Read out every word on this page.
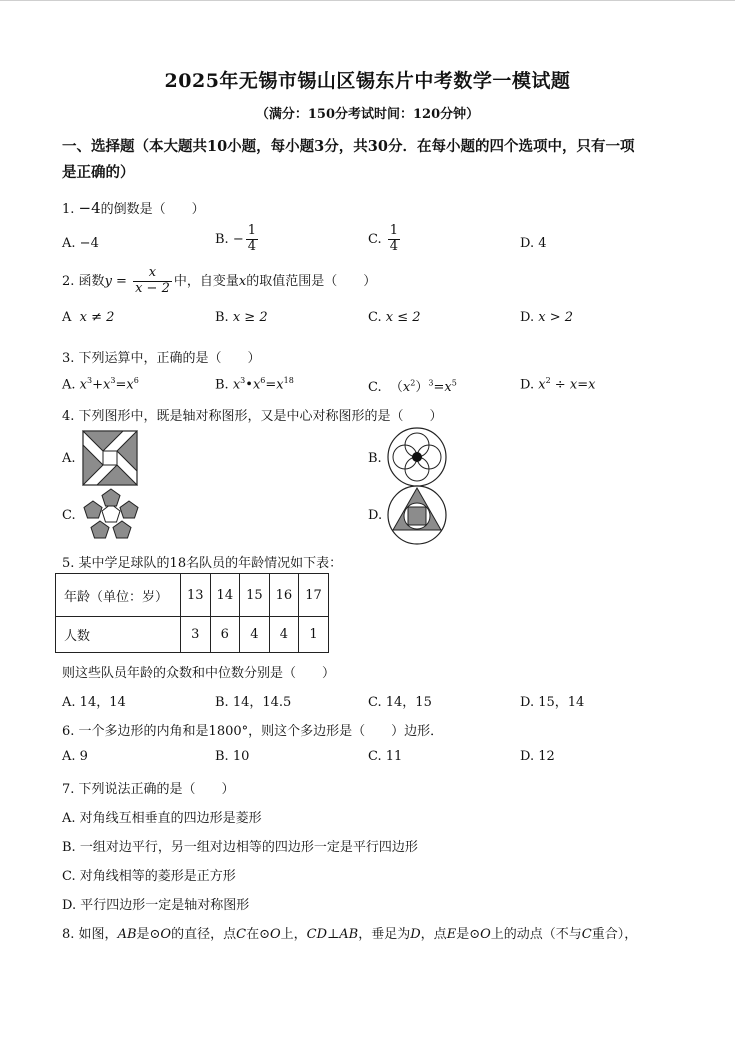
2025年无锡市锡山区锡东片中考数学一模试题
（满分：150分考试时间：120分钟）
一、选择题（本大题共10小题，每小题3分，共30分．在每小题的四个选项中，只有一项
是正确的）
1. −4的倒数是（　　）
A. −4	B. − $\frac{1}{4}$	C. $\frac{1}{4}$	D. 4
2. 函数$y = \frac{x}{x - 2}$ 中，自变量x的取值范围是（　　）
A x ≠ 2	B. x ≥ 2	C. x ≤ 2	D. x > 2
3. 下列运算中，正确的是（　　）
A. $x^3+x^3=x^6$	B. $x^3•x^6=x^{18}$	C. $(x^2)^3=x^5$	D. $x^2 \div x=x$
4. 下列图形中，既是轴对称图形，又是中心对称图形的是（　　）
A.	B.
C.	D.
5. 某中学足球队的18名队员的年龄情况如下表：
年龄（单位：岁）	13	14	15	16	17
人数	3	6	4	4	1
则这些队员年龄的众数和中位数分别是（　　）
A. 14，14	B. 14，14.5	C. 14，15	D. 15，14
6. 一个多边形的内角和是1800°，则这个多边形是（　　）边形．
A. 9	B. 10	C. 11	D. 12
7. 下列说法正确的是（　　）
A. 对角线互相垂直的四边形是菱形
B. 一组对边平行，另一组对边相等的四边形一定是平行四边形
C. 对角线相等的菱形是正方形
D. 平行四边形一定是轴对称图形
8. 如图，AB是⊙O的直径，点C在⊙O上，CD⊥AB，垂足为D，点E是⊙O上的动点（不与C重合），
